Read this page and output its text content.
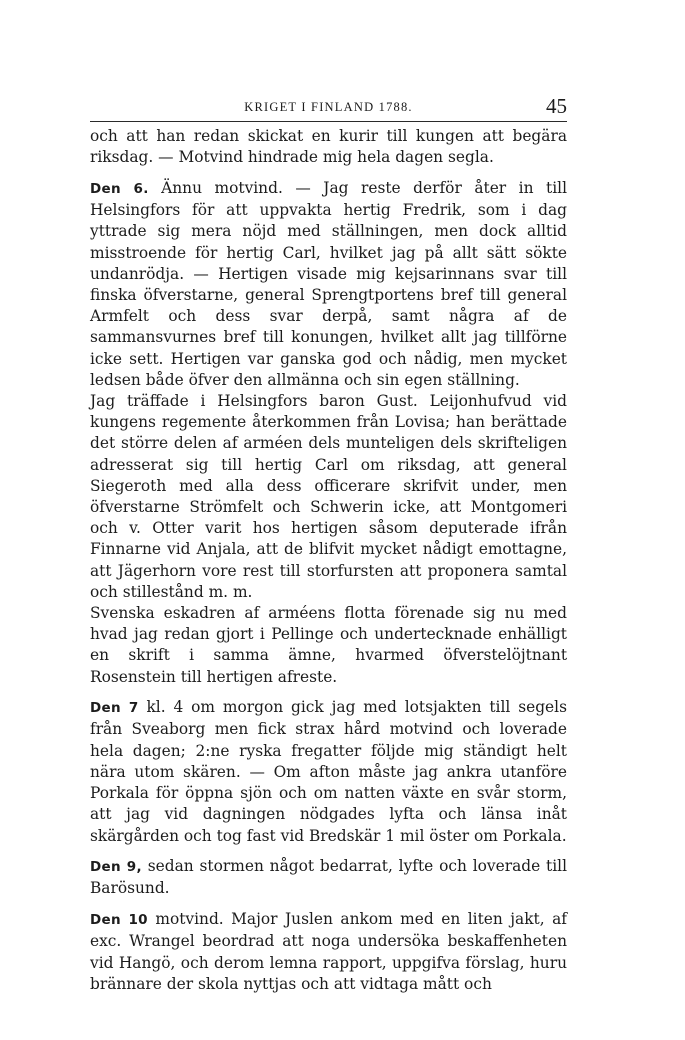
KRIGET I FINLAND 1788.	45

och att han redan skickat en kurir till kungen att begära riksdag. — Motvind hindrade mig hela dagen segla.

Den 6. Ännu motvind. — Jag reste derför åter in till Helsingfors för att uppvakta hertig Fredrik, som i dag yttrade sig mera nöjd med ställningen, men dock alltid misstroende för hertig Carl, hvilket jag på allt sätt sökte undanrödja. — Hertigen visade mig kejsarinnans svar till finska öfverstarne, general Sprengtportens bref till general Armfelt och dess svar derpå, samt några af de sammansvurnes bref till konungen, hvilket allt jag tillförne icke sett. Hertigen var ganska god och nådig, men mycket ledsen både öfver den allmänna och sin egen ställning.

Jag träffade i Helsingfors baron Gust. Leijonhufvud vid kungens regemente återkommen från Lovisa; han berättade det större delen af arméen dels munteligen dels skrifteligen adresserat sig till hertig Carl om riksdag, att general Siegeroth med alla dess officerare skrifvit under, men öfverstarne Strömfelt och Schwerin icke, att Montgomeri och v. Otter varit hos hertigen såsom deputerade ifrån Finnarne vid Anjala, att de blifvit mycket nådigt emottagne, att Jägerhorn vore rest till storfursten att proponera samtal och stillestånd m. m.

Svenska eskadren af arméens flotta förenade sig nu med hvad jag redan gjort i Pellinge och undertecknade enhälligt en skrift i samma ämne, hvarmed öfverstelöjtnant Rosenstein till hertigen afreste.

Den 7 kl. 4 om morgon gick jag med lotsjakten till segels från Sveaborg men fick strax hård motvind och loverade hela dagen; 2:ne ryska fregatter följde mig ständigt helt nära utom skären. — Om afton måste jag ankra utanföre Porkala för öppna sjön och om natten växte en svår storm, att jag vid dagningen nödgades lyfta och länsa inåt skärgården och tog fast vid Bredskär 1 mil öster om Porkala.

Den 9, sedan stormen något bedarrat, lyfte och loverade till Barösund.

Den 10 motvind. Major Juslen ankom med en liten jakt, af exc. Wrangel beordrad att noga undersöka beskaffenheten vid Hangö, och derom lemna rapport, uppgifva förslag, huru brännare der skola nyttjas och att vidtaga mått och
